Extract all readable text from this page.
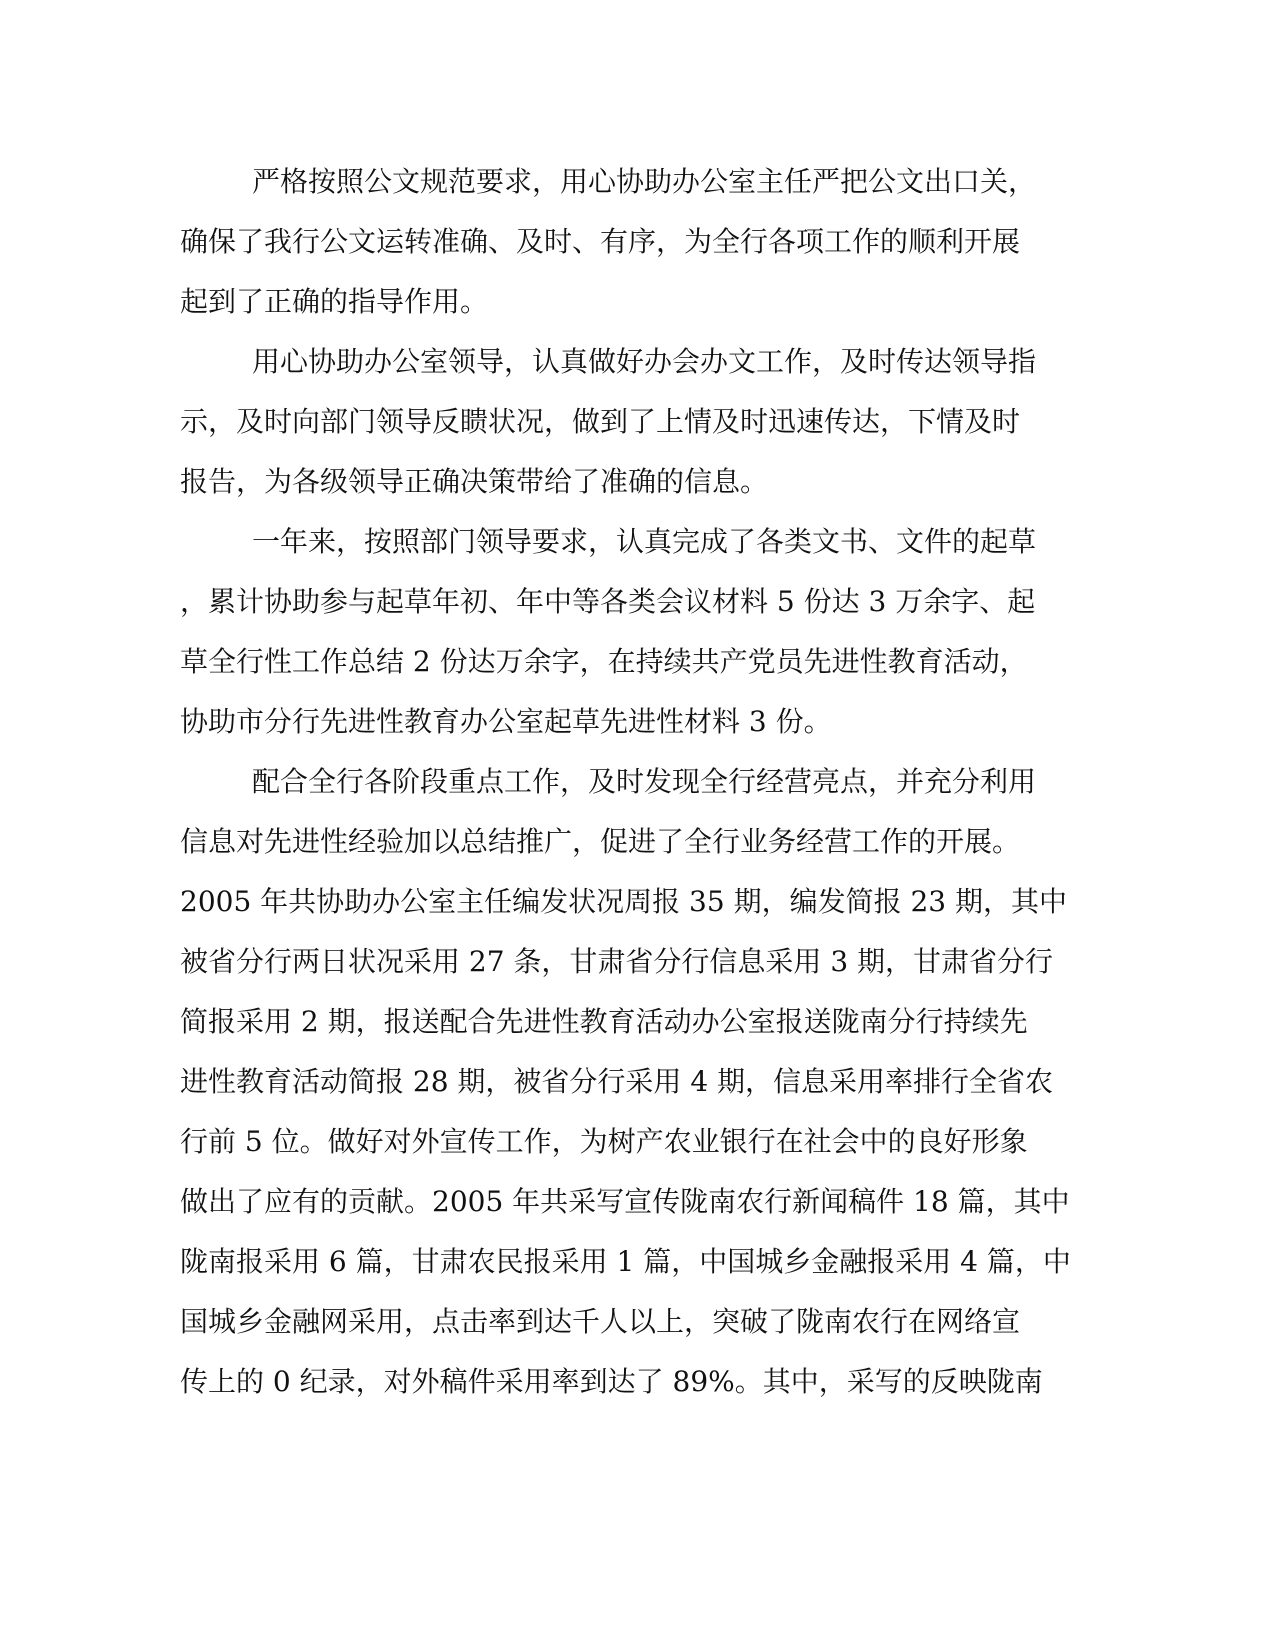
严格按照公文规范要求，用心协助办公室主任严把公文出口关，
确保了我行公文运转准确、及时、有序，为全行各项工作的顺利开展
起到了正确的指导作用。
用心协助办公室领导，认真做好办会办文工作，及时传达领导指
示，及时向部门领导反瞆状况，做到了上情及时迅速传达，下情及时
报告，为各级领导正确决策带给了准确的信息。
一年来，按照部门领导要求，认真完成了各类文书、文件的起草
，累计协助参与起草年初、年中等各类会议材料 5 份达 3 万余字、起
草全行性工作总结 2 份达万余字，在持续共产党员先进性教育活动，
协助市分行先进性教育办公室起草先进性材料 3 份。
配合全行各阶段重点工作，及时发现全行经营亮点，并充分利用
信息对先进性经验加以总结推广，促进了全行业务经营工作的开展。
2005 年共协助办公室主任编发状况周报 35 期，编发简报 23 期，其中
被省分行两日状况采用 27 条，甘肃省分行信息采用 3 期，甘肃省分行
简报采用 2 期，报送配合先进性教育活动办公室报送陇南分行持续先
进性教育活动简报 28 期，被省分行采用 4 期，信息采用率排行全省农
行前 5 位。做好对外宣传工作，为树产农业银行在社会中的良好形象
做出了应有的贡献。2005 年共采写宣传陇南农行新闻稿件 18 篇，其中
陇南报采用 6 篇，甘肃农民报采用 1 篇，中国城乡金融报采用 4 篇，中
国城乡金融网采用，点击率到达千人以上，突破了陇南农行在网络宣
传上的 0 纪录，对外稿件采用率到达了 89%。其中，采写的反映陇南
